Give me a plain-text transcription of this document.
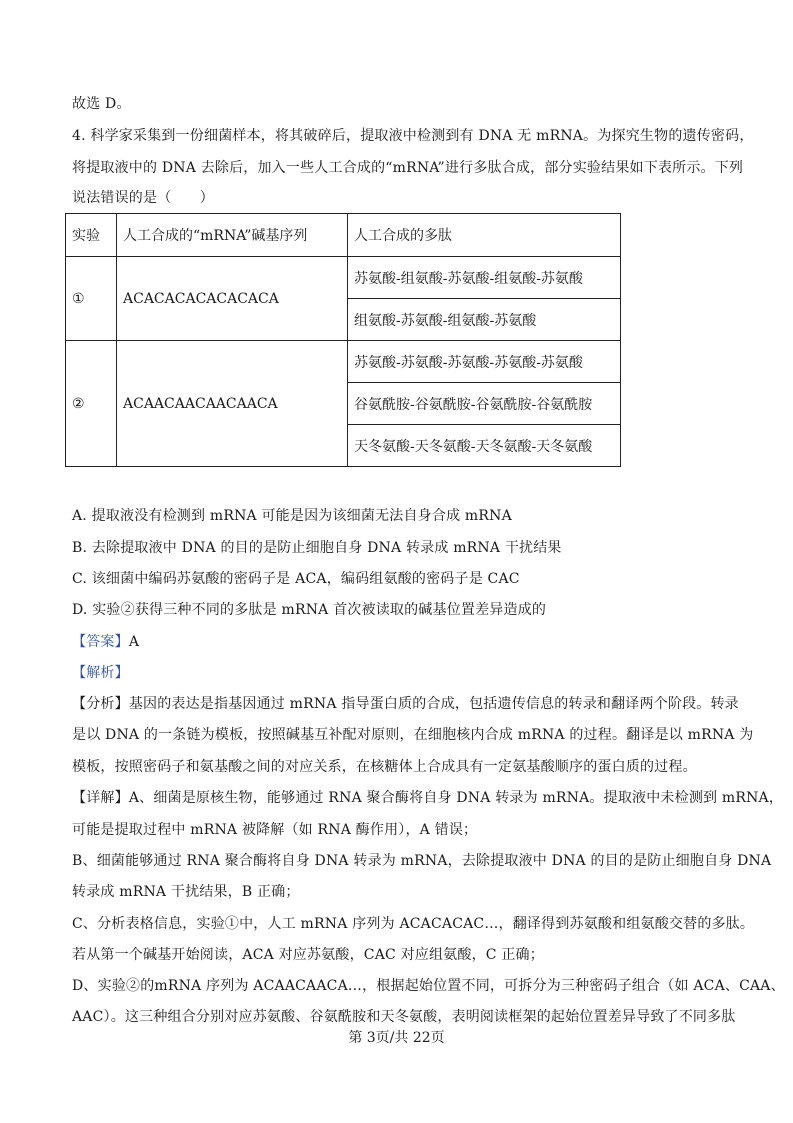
故选 D。
4. 科学家采集到一份细菌样本，将其破碎后，提取液中检测到有 DNA 无 mRNA。为探究生物的遗传密码，
将提取液中的 DNA 去除后，加入一些人工合成的“mRNA”进行多肽合成，部分实验结果如下表所示。下列
说法错误的是（　　）
实验	人工合成的“mRNA”碱基序列	人工合成的多肽
①	ACACACACACACACA	苏氨酸-组氨酸-苏氨酸-组氨酸-苏氨酸
		组氨酸-苏氨酸-组氨酸-苏氨酸
②	ACAACAACAACAACA	苏氨酸-苏氨酸-苏氨酸-苏氨酸-苏氨酸
		谷氨酰胺-谷氨酰胺-谷氨酰胺-谷氨酰胺
		天冬氨酸-天冬氨酸-天冬氨酸-天冬氨酸
A. 提取液没有检测到 mRNA 可能是因为该细菌无法自身合成 mRNA
B. 去除提取液中 DNA 的目的是防止细胞自身 DNA 转录成 mRNA 干扰结果
C. 该细菌中编码苏氨酸的密码子是 ACA，编码组氨酸的密码子是 CAC
D. 实验②获得三种不同的多肽是 mRNA 首次被读取的碱基位置差异造成的
【答案】A
【解析】
【分析】基因的表达是指基因通过 mRNA 指导蛋白质的合成，包括遗传信息的转录和翻译两个阶段。转录
是以 DNA 的一条链为模板，按照碱基互补配对原则，在细胞核内合成 mRNA 的过程。翻译是以 mRNA 为
模板，按照密码子和氨基酸之间的对应关系，在核糖体上合成具有一定氨基酸顺序的蛋白质的过程。
【详解】A、细菌是原核生物，能够通过 RNA 聚合酶将自身 DNA 转录为 mRNA。提取液中未检测到 mRNA，
可能是提取过程中 mRNA 被降解（如 RNA 酶作用），A 错误；
B、细菌能够通过 RNA 聚合酶将自身 DNA 转录为 mRNA，去除提取液中 DNA 的目的是防止细胞自身 DNA
转录成 mRNA 干扰结果，B 正确；
C、分析表格信息，实验①中，人工 mRNA 序列为 ACACACAC…，翻译得到苏氨酸和组氨酸交替的多肽。
若从第一个碱基开始阅读，ACA 对应苏氨酸，CAC 对应组氨酸，C 正确；
D、实验②的mRNA 序列为 ACAACAACA…，根据起始位置不同，可拆分为三种密码子组合（如 ACA、CAA、
AAC）。这三种组合分别对应苏氨酸、谷氨酰胺和天冬氨酸，表明阅读框架的起始位置差异导致了不同多肽
第 3页/共 22页
